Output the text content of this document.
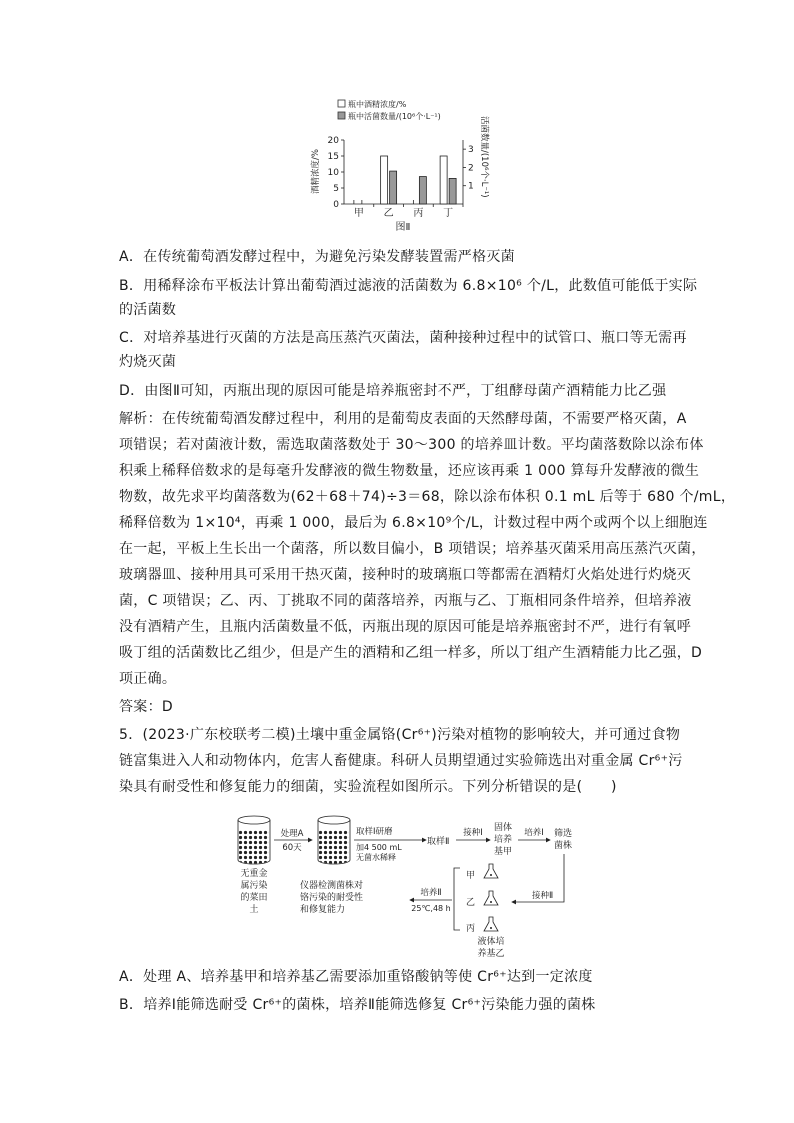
瓶中酒精浓度/%
瓶中活菌数量/(10⁶个·L⁻¹)
酒精浓度/%	活菌数量/(10⁶个·L⁻¹)
20
15
10
5
0
3
2
1
甲 乙 丙 丁
图Ⅱ
A．在传统葡萄酒发酵过程中，为避免污染发酵装置需严格灭菌
B．用稀释涂布平板法计算出葡萄酒过滤液的活菌数为 6.8×10⁶ 个/L，此数值可能低于实际
的活菌数
C．对培养基进行灭菌的方法是高压蒸汽灭菌法，菌种接种过程中的试管口、瓶口等无需再
灼烧灭菌
D．由图Ⅱ可知，丙瓶出现的原因可能是培养瓶密封不严，丁组酵母菌产酒精能力比乙强
解析：在传统葡萄酒发酵过程中，利用的是葡萄皮表面的天然酵母菌，不需要严格灭菌，A
项错误；若对菌液计数，需选取菌落数处于 30～300 的培养皿计数。平均菌落数除以涂布体
积乘上稀释倍数求的是每毫升发酵液的微生物数量，还应该再乘 1 000 算每升发酵液的微生
物数，故先求平均菌落数为(62＋68＋74)÷3＝68，除以涂布体积 0.1 mL 后等于 680 个/mL，
稀释倍数为 1×10⁴，再乘 1 000，最后为 6.8×10⁹个/L，计数过程中两个或两个以上细胞连
在一起，平板上生长出一个菌落，所以数目偏小，B 项错误；培养基灭菌采用高压蒸汽灭菌，
玻璃器皿、接种用具可采用干热灭菌，接种时的玻璃瓶口等都需在酒精灯火焰处进行灼烧灭
菌，C 项错误；乙、丙、丁挑取不同的菌落培养，丙瓶与乙、丁瓶相同条件培养，但培养液
没有酒精产生，且瓶内活菌数量不低，丙瓶出现的原因可能是培养瓶密封不严，进行有氧呼
吸丁组的活菌数比乙组少，但是产生的酒精和乙组一样多，所以丁组产生酒精能力比乙强，D
项正确。
答案：D
5．(2023·广东校联考二模)土壤中重金属铬(Cr⁶⁺)污染对植物的影响较大，并可通过食物
链富集进入人和动物体内，危害人畜健康。科研人员期望通过实验筛选出对重金属 Cr⁶⁺污
染具有耐受性和修复能力的细菌，实验流程如图所示。下列分析错误的是(　　)
无重金
属污染
的菜田
土
处理A
60天
取样Ⅰ研磨
加4 500 mL
无菌水稀释
取样Ⅱ
接种Ⅰ 固体
培养
基甲
培养Ⅰ 筛选
菌株
接种Ⅱ
甲
乙
丙
液体培
养基乙
培养Ⅱ
25℃,48 h
仪器检测菌株对
铬污染的耐受性
和修复能力
A．处理 A、培养基甲和培养基乙需要添加重铬酸钠等使 Cr⁶⁺达到一定浓度
B．培养Ⅰ能筛选耐受 Cr⁶⁺的菌株，培养Ⅱ能筛选修复 Cr⁶⁺污染能力强的菌株
